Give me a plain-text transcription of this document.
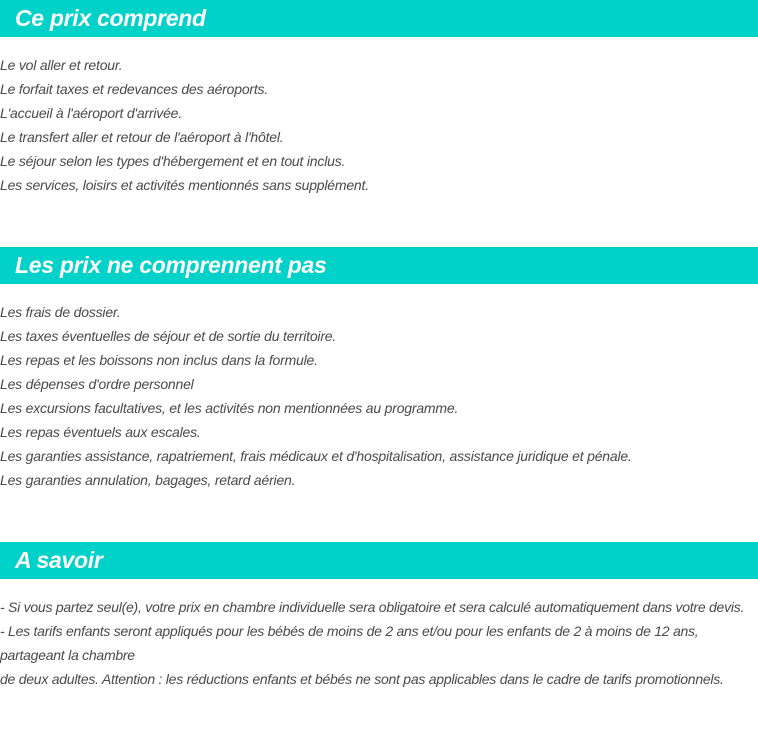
Ce prix comprend
Le vol aller et retour.
Le forfait taxes et redevances des aéroports.
L'accueil à l'aéroport d'arrivée.
Le transfert aller et retour de l'aéroport à l'hôtel.
Le séjour selon les types d'hébergement et en tout inclus.
Les services, loisirs et activités mentionnés sans supplément.
Les prix ne comprennent pas
Les frais de dossier.
Les taxes éventuelles de séjour et de sortie du territoire.
Les repas et les boissons non inclus dans la formule.
Les dépenses d'ordre personnel
Les excursions facultatives, et les activités non mentionnées au programme.
Les repas éventuels aux escales.
Les garanties assistance, rapatriement, frais médicaux et d'hospitalisation, assistance juridique et pénale.
Les garanties annulation, bagages, retard aérien.
A savoir

- Si vous partez seul(e), votre prix en chambre individuelle sera obligatoire et sera calculé automatiquement dans votre devis.

- Les tarifs enfants seront appliqués pour les bébés de moins de 2 ans et/ou pour les enfants de 2 à moins de 12 ans, partageant la chambre

de deux adultes. Attention : les réductions enfants et bébés ne sont pas applicables dans le cadre de tarifs promotionnels.
